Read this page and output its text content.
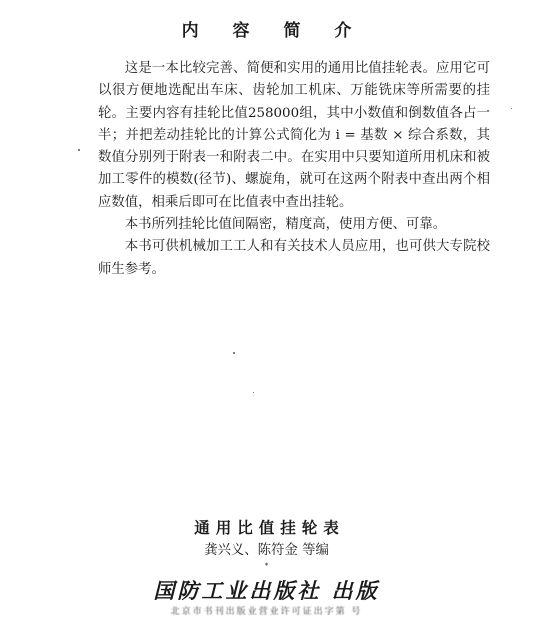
内 容 简 介

这是一本比较完善、简便和实用的通用比值挂轮表。应用它可以很方便地选配出车床、齿轮加工机床、万能铣床等所需要的挂轮。主要内容有挂轮比值258000组，其中小数值和倒数值各占一半；并把差动挂轮比的计算公式简化为 i = 基数 × 综合系数，其数值分别列于附表一和附表二中。在实用中只要知道所用机床和被加工零件的模数(径节)、螺旋角，就可在这两个附表中查出两个相应数值，相乘后即可在比值表中查出挂轮。

本书所列挂轮比值间隔密，精度高，使用方便、可靠。

本书可供机械加工工人和有关技术人员应用，也可供大专院校师生参考。

通用比值挂轮表
龚兴义、陈符金 等编
*
国防工业出版社 出版
北京市书刊出版业营业许可证出字第 号
